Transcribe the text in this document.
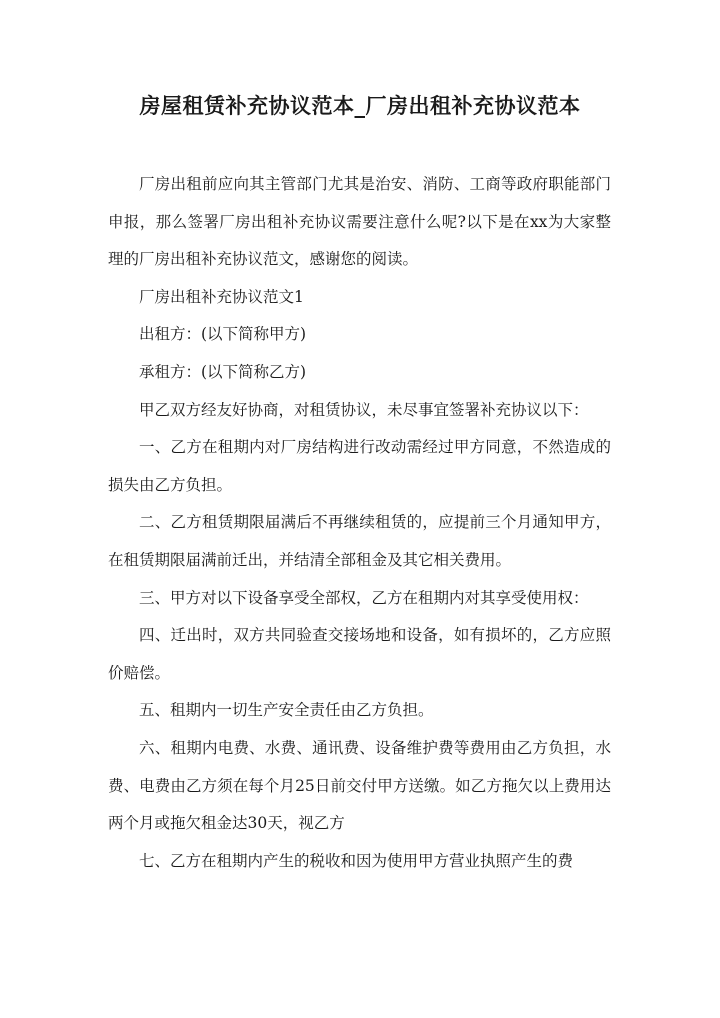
房屋租赁补充协议范本_厂房出租补充协议范本

厂房出租前应向其主管部门尤其是治安、消防、工商等政府职能部门申报，那么签署厂房出租补充协议需要注意什么呢?以下是在xx为大家整理的厂房出租补充协议范文，感谢您的阅读。

厂房出租补充协议范文1

出租方：(以下简称甲方)

承租方：(以下简称乙方)

甲乙双方经友好协商，对租赁协议，未尽事宜签署补充协议以下：

一、乙方在租期内对厂房结构进行改动需经过甲方同意，不然造成的损失由乙方负担。

二、乙方租赁期限届满后不再继续租赁的，应提前三个月通知甲方，在租赁期限届满前迁出，并结清全部租金及其它相关费用。

三、甲方对以下设备享受全部权，乙方在租期内对其享受使用权：

四、迁出时，双方共同验查交接场地和设备，如有损坏的，乙方应照价赔偿。

五、租期内一切生产安全责任由乙方负担。

六、租期内电费、水费、通讯费、设备维护费等费用由乙方负担，水费、电费由乙方须在每个月25日前交付甲方送缴。如乙方拖欠以上费用达两个月或拖欠租金达30天，视乙方

七、乙方在租期内产生的税收和因为使用甲方营业执照产生的费
